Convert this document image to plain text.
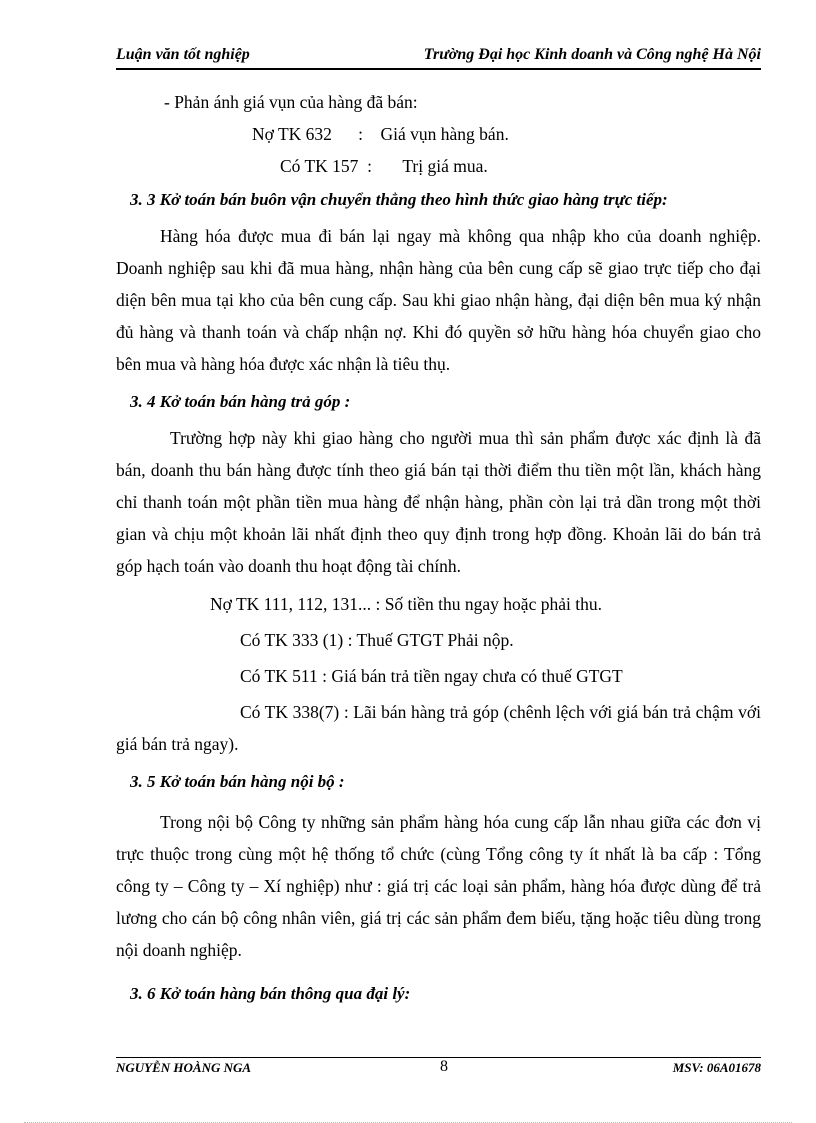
Luận văn tốt nghiệp	Trường Đại học Kinh doanh và Công nghệ Hà Nội

- Phản ánh giá vụn của hàng đã bán:

Nợ TK 632      :    Giá vụn hàng bán.

Có TK 157  :       Trị giá mua.

3. 3 Kở toán bán buôn vận chuyển thẳng theo hình thức giao hàng trực tiếp:

Hàng hóa được mua đi bán lại ngay mà không qua nhập kho của doanh nghiệp. Doanh nghiệp sau khi đã mua hàng, nhận hàng của bên cung cấp sẽ giao trực tiếp cho đại diện bên mua tại kho của bên cung cấp. Sau khi giao nhận hàng, đại diện bên mua ký nhận đủ hàng và thanh toán và chấp nhận nợ. Khi đó quyền sở hữu hàng hóa chuyển giao cho bên mua và hàng hóa được xác nhận là tiêu thụ.

3. 4 Kở toán bán hàng trả góp :

Trường hợp này khi giao hàng cho người mua thì sản phẩm được xác định là đã bán, doanh thu bán hàng được tính theo giá bán tại thời điểm thu tiền một lần, khách hàng chỉ thanh toán một phần tiền mua hàng để nhận hàng, phần còn lại trả dần trong một thời gian và chịu một khoản lãi nhất định theo quy định trong hợp đồng. Khoản lãi do bán trả góp hạch toán vào doanh thu hoạt động tài chính.

Nợ TK 111, 112, 131... : Số tiền thu ngay hoặc phải thu.

Có TK 333 (1) : Thuế GTGT Phải nộp.

Có TK 511 : Giá bán trả tiền ngay chưa có thuế GTGT

Có TK 338(7) : Lãi bán hàng trả góp (chênh lệch với giá bán trả chậm với giá bán trả ngay).

3. 5 Kở toán bán hàng nội bộ :

Trong nội bộ Công ty những sản phẩm hàng hóa cung cấp lẫn nhau giữa các đơn vị trực thuộc trong cùng một hệ thống tổ chức (cùng Tổng công ty ít nhất là ba cấp : Tổng công ty – Công ty – Xí nghiệp) như : giá trị các loại sản phẩm, hàng hóa được dùng để trả lương cho cán bộ công nhân viên, giá trị các sản phẩm đem biếu, tặng hoặc tiêu dùng trong nội doanh nghiệp.

3. 6 Kở toán hàng bán thông qua đại lý:

NGUYỄN HOÀNG NGA	8	MSV: 06A01678
